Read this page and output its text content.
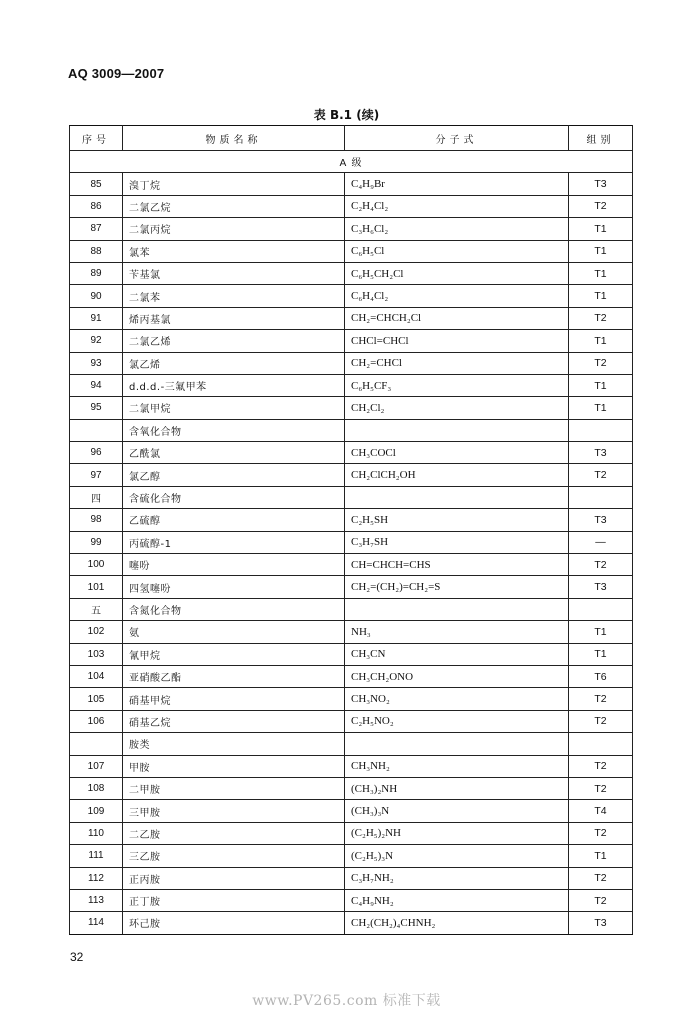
AQ 3009—2007
表 B.1 (续)
序号	物质名称	分子式	组别
A 级			
85	溴丁烷	C₄H₉Br	T3
86	二氯乙烷	C₂H₄Cl₂	T2
87	二氯丙烷	C₃H₆Cl₂	T1
88	氯苯	C₆H₅Cl	T1
89	苄基氯	C₆H₅CH₂Cl	T1
90	二氯苯	C₆H₄Cl₂	T1
91	烯丙基氯	CH₂=CHCH₂Cl	T2
92	二氯乙烯	CHCl=CHCl	T1
93	氯乙烯	CH₂=CHCl	T2
94	d.d.d.-三氟甲苯	C₆H₅CF₃	T1
95	二氯甲烷	CH₂Cl₂	T1
	含氧化合物		
96	乙酰氯	CH₃COCl	T3
97	氯乙醇	CH₂ClCH₂OH	T2
四	含硫化合物		
98	乙硫醇	C₂H₅SH	T3
99	丙硫醇-1	C₃H₇SH	—
100	噻吩	CH=CHCH=CHS	T2
101	四氢噻吩	CH₂=(CH₂)=CH₂=S	T3
五	含氮化合物		
102	氨	NH₃	T1
103	氰甲烷	CH₃CN	T1
104	亚硝酸乙酯	CH₃CH₂ONO	T6
105	硝基甲烷	CH₃NO₂	T2
106	硝基乙烷	C₂H₅NO₂	T2
	胺类		
107	甲胺	CH₃NH₂	T2
108	二甲胺	(CH₃)₂NH	T2
109	三甲胺	(CH₃)₃N	T4
110	二乙胺	(C₂H₅)₂NH	T2
111	三乙胺	(C₂H₅)₃N	T1
112	正丙胺	C₃H₇NH₂	T2
113	正丁胺	C₄H₉NH₂	T2
114	环己胺	CH₂(CH₂)₄CHNH₂	T3
32
www.PV265.com 标准下载
